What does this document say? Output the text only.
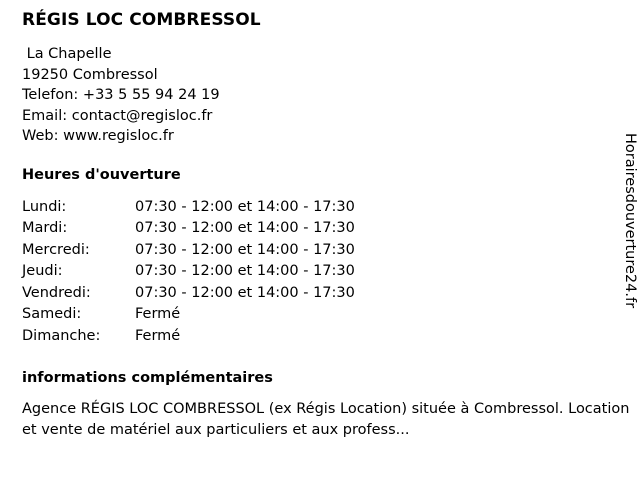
RÉGIS LOC COMBRESSOL
La Chapelle
19250 Combressol
Telefon: +33 5 55 94 24 19
Email: contact@regisloc.fr
Web: www.regisloc.fr
Heures d'ouverture
Lundi:	07:30 - 12:00 et 14:00 - 17:30
Mardi:	07:30 - 12:00 et 14:00 - 17:30
Mercredi:	07:30 - 12:00 et 14:00 - 17:30
Jeudi:	07:30 - 12:00 et 14:00 - 17:30
Vendredi:	07:30 - 12:00 et 14:00 - 17:30
Samedi:	Fermé
Dimanche:	Fermé
informations complémentaires
Agence RÉGIS LOC COMBRESSOL (ex Régis Location) située à Combressol. Location et vente de matériel aux particuliers et aux profess...
Horairesdouverture24.fr
